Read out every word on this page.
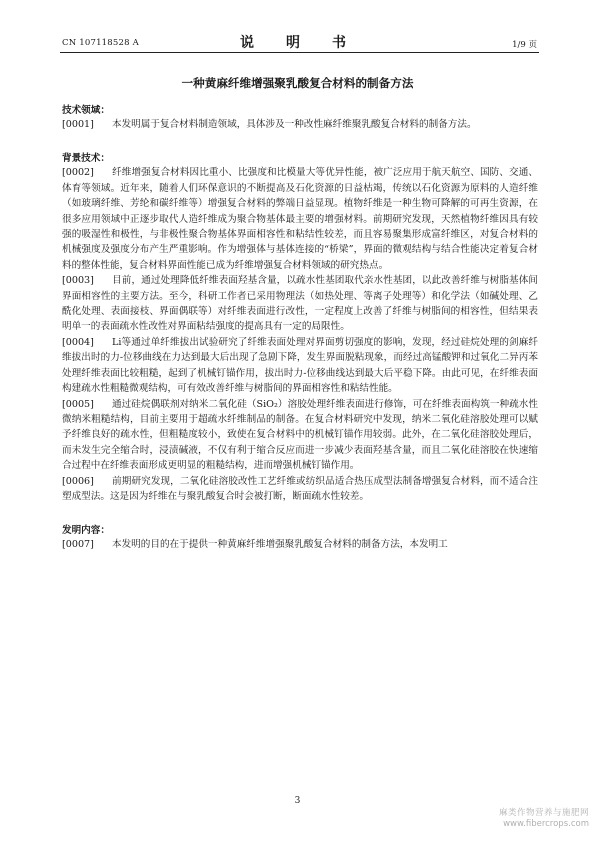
CN 107118528 A	说　明　书	1/9 页
一种黄麻纤维增强聚乳酸复合材料的制备方法
技术领域：
[0001]	本发明属于复合材料制造领域，具体涉及一种改性麻纤维聚乳酸复合材料的制备方法。
背景技术：
[0002]	纤维增强复合材料因比重小、比强度和比模量大等优异性能，被广泛应用于航天航空、国防、交通、体育等领域。近年来，随着人们环保意识的不断提高及石化资源的日益枯竭，传统以石化资源为原料的人造纤维（如玻璃纤维、芳纶和碳纤维等）增强复合材料的弊端日益显现。植物纤维是一种生物可降解的可再生资源，在很多应用领域中正逐步取代人造纤维成为聚合物基体最主要的增强材料。前期研究发现，天然植物纤维因具有较强的吸湿性和极性，与非极性聚合物基体界面相容性和粘结性较差，而且容易聚集形成富纤维区，对复合材料的机械强度及强度分布产生严重影响。作为增强体与基体连接的“桥梁”，界面的微观结构与结合性能决定着复合材料的整体性能，复合材料界面性能已成为纤维增强复合材料领域的研究热点。
[0003]	目前，通过处理降低纤维表面羟基含量，以疏水性基团取代亲水性基团，以此改善纤维与树脂基体间界面相容性的主要方法。至今，科研工作者已采用物理法（如热处理、等离子处理等）和化学法（如碱处理、乙酰化处理、表面接枝、界面偶联等）对纤维表面进行改性，一定程度上改善了纤维与树脂间的相容性，但结果表明单一的表面疏水性改性对界面粘结强度的提高具有一定的局限性。
[0004]	Li等通过单纤维拔出试验研究了纤维表面处理对界面剪切强度的影响，发现，经过硅烷处理的剑麻纤维拔出时的力-位移曲线在力达到最大后出现了急剧下降，发生界面脱粘现象，而经过高锰酸钾和过氧化二异丙苯处理纤维表面比较粗糙，起到了机械钉锚作用，拔出时力-位移曲线达到最大后平稳下降。由此可见，在纤维表面构建疏水性粗糙微观结构，可有效改善纤维与树脂间的界面相容性和粘结性能。
[0005]	通过硅烷偶联剂对纳米二氧化硅（SiO₂）溶胶处理纤维表面进行修饰，可在纤维表面构筑一种疏水性微纳米粗糙结构，目前主要用于超疏水纤维制品的制备。在复合材料研究中发现，纳米二氧化硅溶胶处理可以赋予纤维良好的疏水性，但粗糙度较小，致使在复合材料中的机械钉锚作用较弱。此外，在二氧化硅溶胶处理后，而未发生完全缩合时，浸渍碱液，不仅有利于缩合反应而进一步减少表面羟基含量，而且二氧化硅溶胶在快速缩合过程中在纤维表面形成更明显的粗糙结构，进而增强机械钉锚作用。
[0006]	前期研究发现，二氧化硅溶胶改性工艺纤维或纺织品适合热压成型法制备增强复合材料，而不适合注塑成型法。这是因为纤维在与聚乳酸复合时会被打断，断面疏水性较差。
发明内容：
[0007]	本发明的目的在于提供一种黄麻纤维增强聚乳酸复合材料的制备方法，本发明工
3
麻类作物营养与施肥网
www.fibercrops.com
